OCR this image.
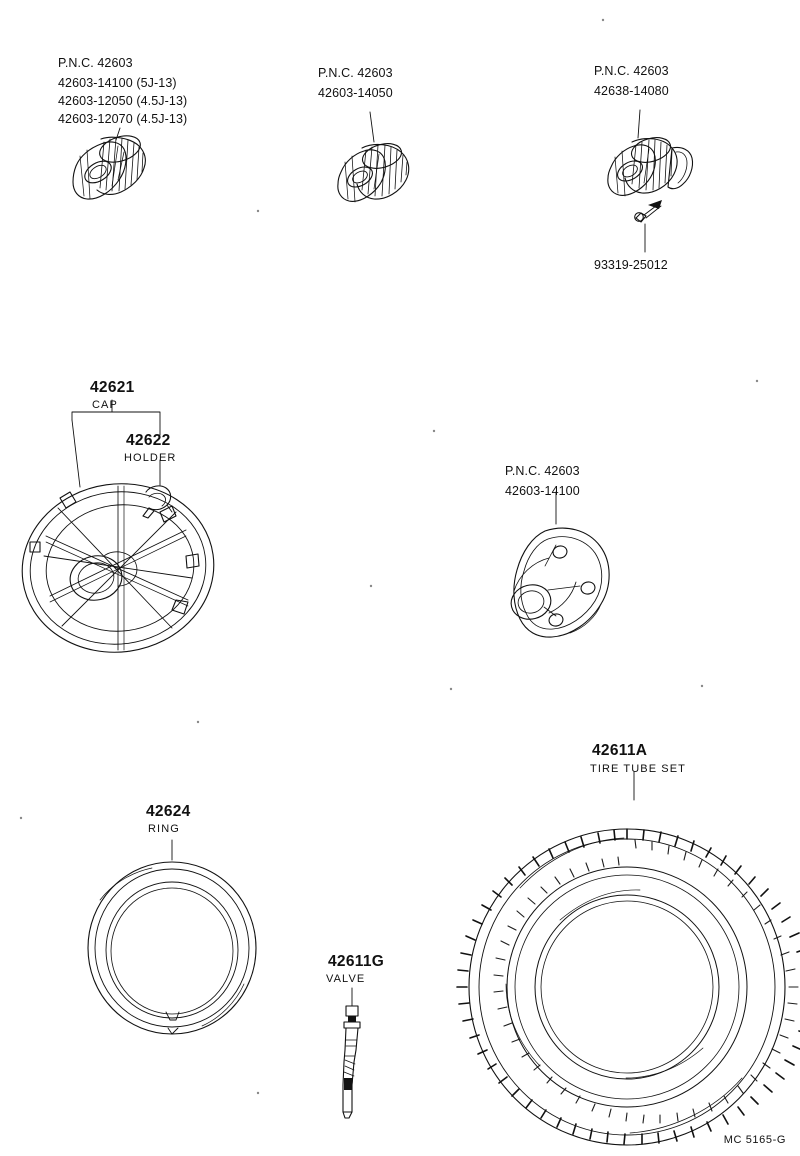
P.N.C. 42603
42603-14100 (5J-13)
42603-12050 (4.5J-13)
42603-12070 (4.5J-13)
P.N.C. 42603
42603-14050
P.N.C. 42603
42638-14080
93319-25012
42621
CAP
42622
HOLDER
P.N.C. 42603
42603-14100
42624
RING
42611A
TIRE TUBE SET
42611G
VALVE
MC 5165-G
